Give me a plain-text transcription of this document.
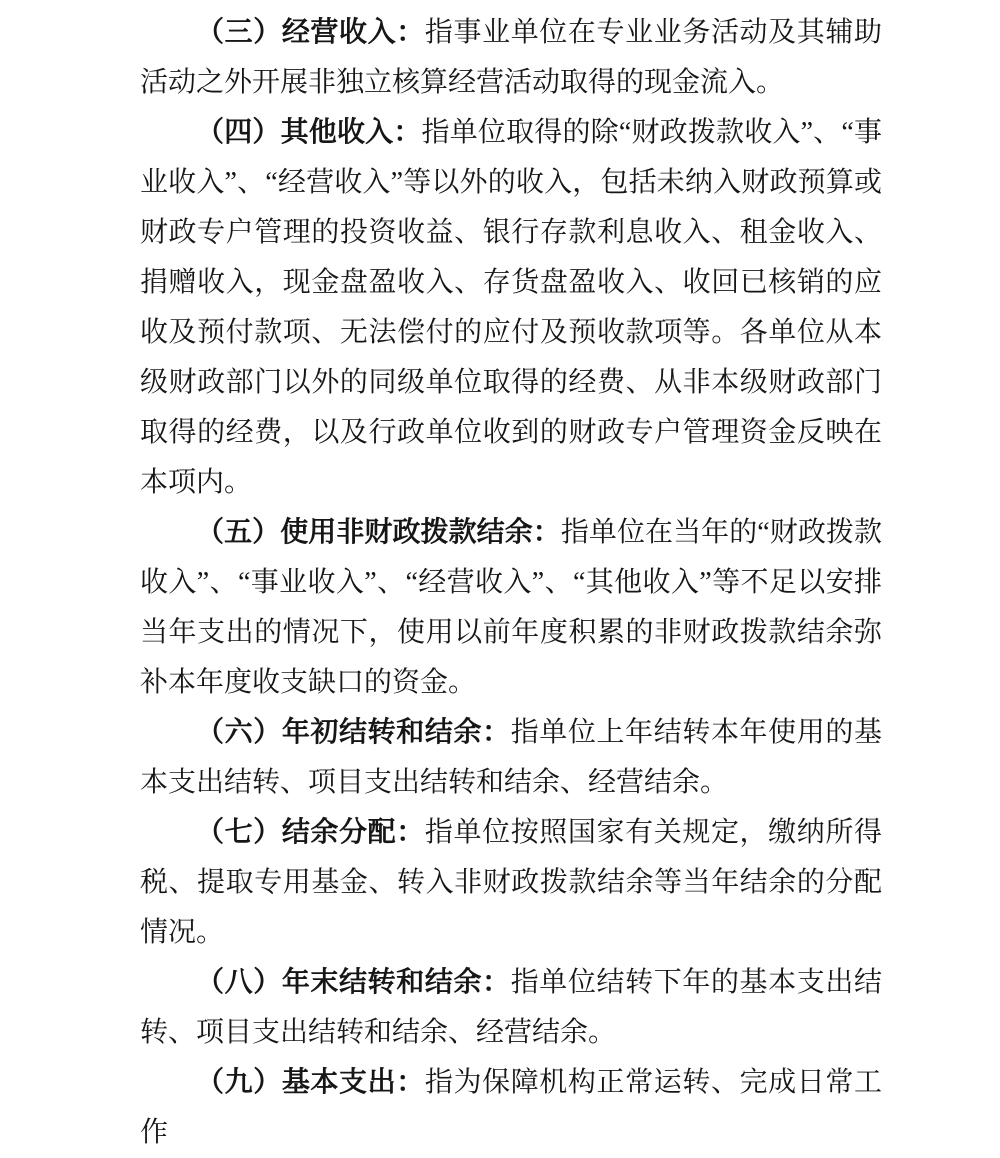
（三）经营收入：指事业单位在专业业务活动及其辅助活动之外开展非独立核算经营活动取得的现金流入。

（四）其他收入：指单位取得的除“财政拨款收入”、“事业收入”、“经营收入”等以外的收入，包括未纳入财政预算或财政专户管理的投资收益、银行存款利息收入、租金收入、捐赠收入，现金盘盈收入、存货盘盈收入、收回已核销的应收及预付款项、无法偿付的应付及预收款项等。各单位从本级财政部门以外的同级单位取得的经费、从非本级财政部门取得的经费，以及行政单位收到的财政专户管理资金反映在本项内。

（五）使用非财政拨款结余：指单位在当年的“财政拨款收入”、“事业收入”、“经营收入”、“其他收入”等不足以安排当年支出的情况下，使用以前年度积累的非财政拨款结余弥补本年度收支缺口的资金。

（六）年初结转和结余：指单位上年结转本年使用的基本支出结转、项目支出结转和结余、经营结余。

（七）结余分配：指单位按照国家有关规定，缴纳所得税、提取专用基金、转入非财政拨款结余等当年结余的分配情况。

（八）年末结转和结余：指单位结转下年的基本支出结转、项目支出结转和结余、经营结余。

（九）基本支出：指为保障机构正常运转、完成日常工作
